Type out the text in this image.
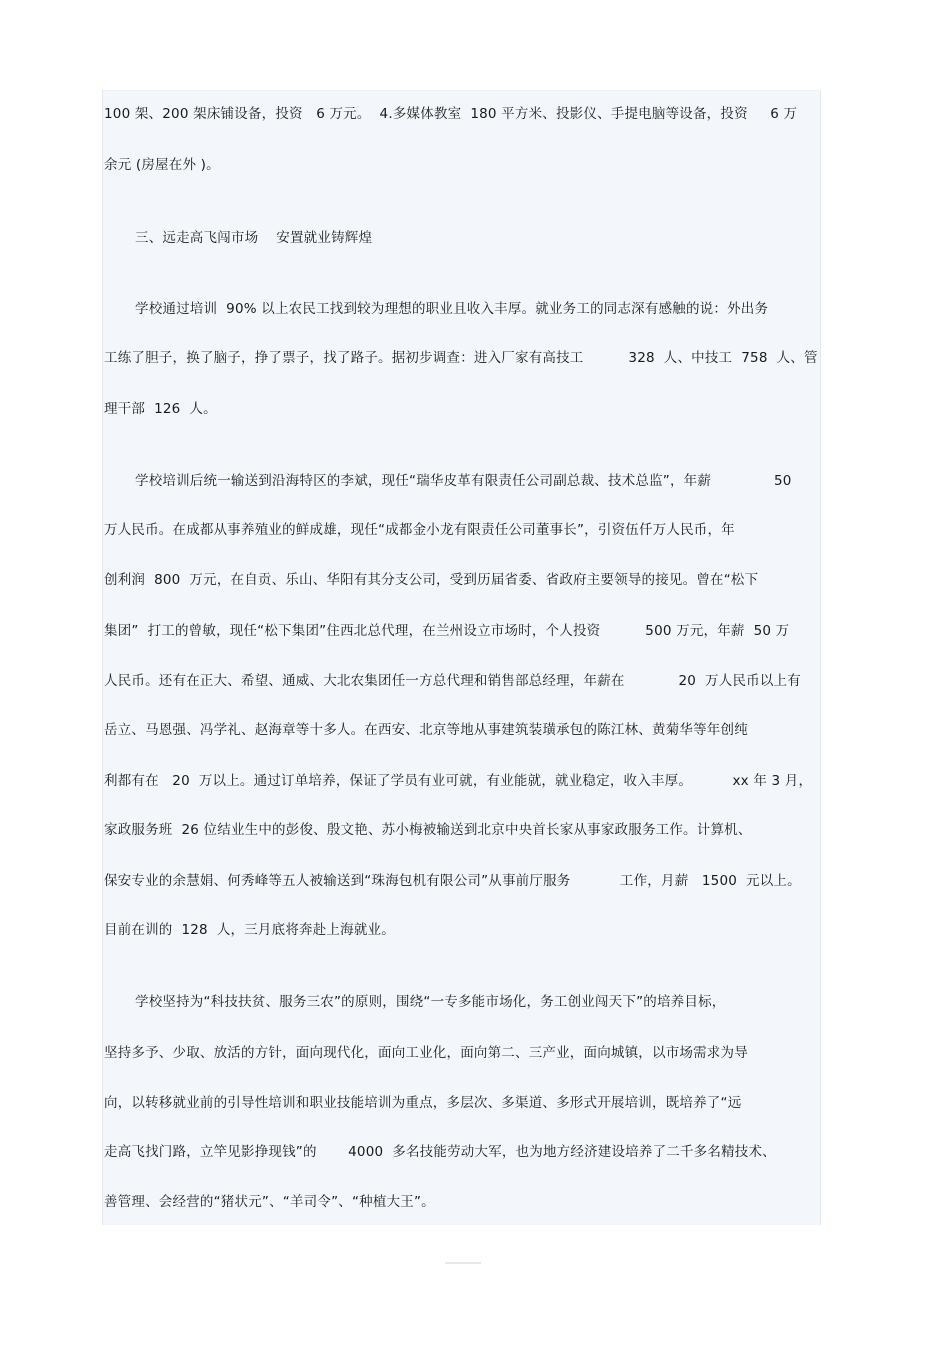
100 架、200 架床铺设备，投资   6 万元。  4.多媒体教室  180 平方米、投影仪、手提电脑等设备，投资     6 万
余元 (房屋在外 )。
三、远走高飞闯市场    安置就业铸辉煌
学校通过培训  90% 以上农民工找到较为理想的职业且收入丰厚。就业务工的同志深有感触的说：外出务
工练了胆子，换了脑子，挣了票子，找了路子。据初步调查：进入厂家有高技工          328  人、中技工  758  人、管
理干部  126  人。
学校培训后统一输送到沿海特区的李斌，现任“瑞华皮革有限责任公司副总裁、技术总监”，年薪              50
万人民币。在成都从事养殖业的鲜成雄，现任“成都金小龙有限责任公司董事长”，引资伍仟万人民币，年
创利润  800  万元，在自贡、乐山、华阳有其分支公司，受到历届省委、省政府主要领导的接见。曾在“松下
集团”  打工的曾敏，现任“松下集团”住西北总代理，在兰州设立市场时，个人投资          500 万元，年薪  50 万
人民币。还有在正大、希望、通威、大北农集团任一方总代理和销售部总经理，年薪在            20  万人民币以上有
岳立、马恩强、冯学礼、赵海章等十多人。在西安、北京等地从事建筑装璜承包的陈江林、黄菊华等年创纯
利都有在   20  万以上。通过订单培养，保证了学员有业可就，有业能就，就业稳定，收入丰厚。         xx 年 3 月，
家政服务班  26 位结业生中的彭俊、殷文艳、苏小梅被输送到北京中央首长家从事家政服务工作。计算机、
保安专业的余慧娟、何秀峰等五人被输送到“珠海包机有限公司”从事前厅服务           工作，月薪   1500  元以上。
目前在训的  128  人，三月底将奔赴上海就业。
学校坚持为“科技扶贫、服务三农”的原则，围绕“一专多能市场化，务工创业闯天下”的培养目标，
坚持多予、少取、放活的方针，面向现代化，面向工业化，面向第二、三产业，面向城镇，以市场需求为导
向，以转移就业前的引导性培训和职业技能培训为重点，多层次、多渠道、多形式开展培训，既培养了“远
走高飞找门路，立竿见影挣现钱”的       4000  多名技能劳动大军，也为地方经济建设培养了二千多名精技术、
善管理、会经营的“猪状元”、“羊司令”、“种植大王”。
